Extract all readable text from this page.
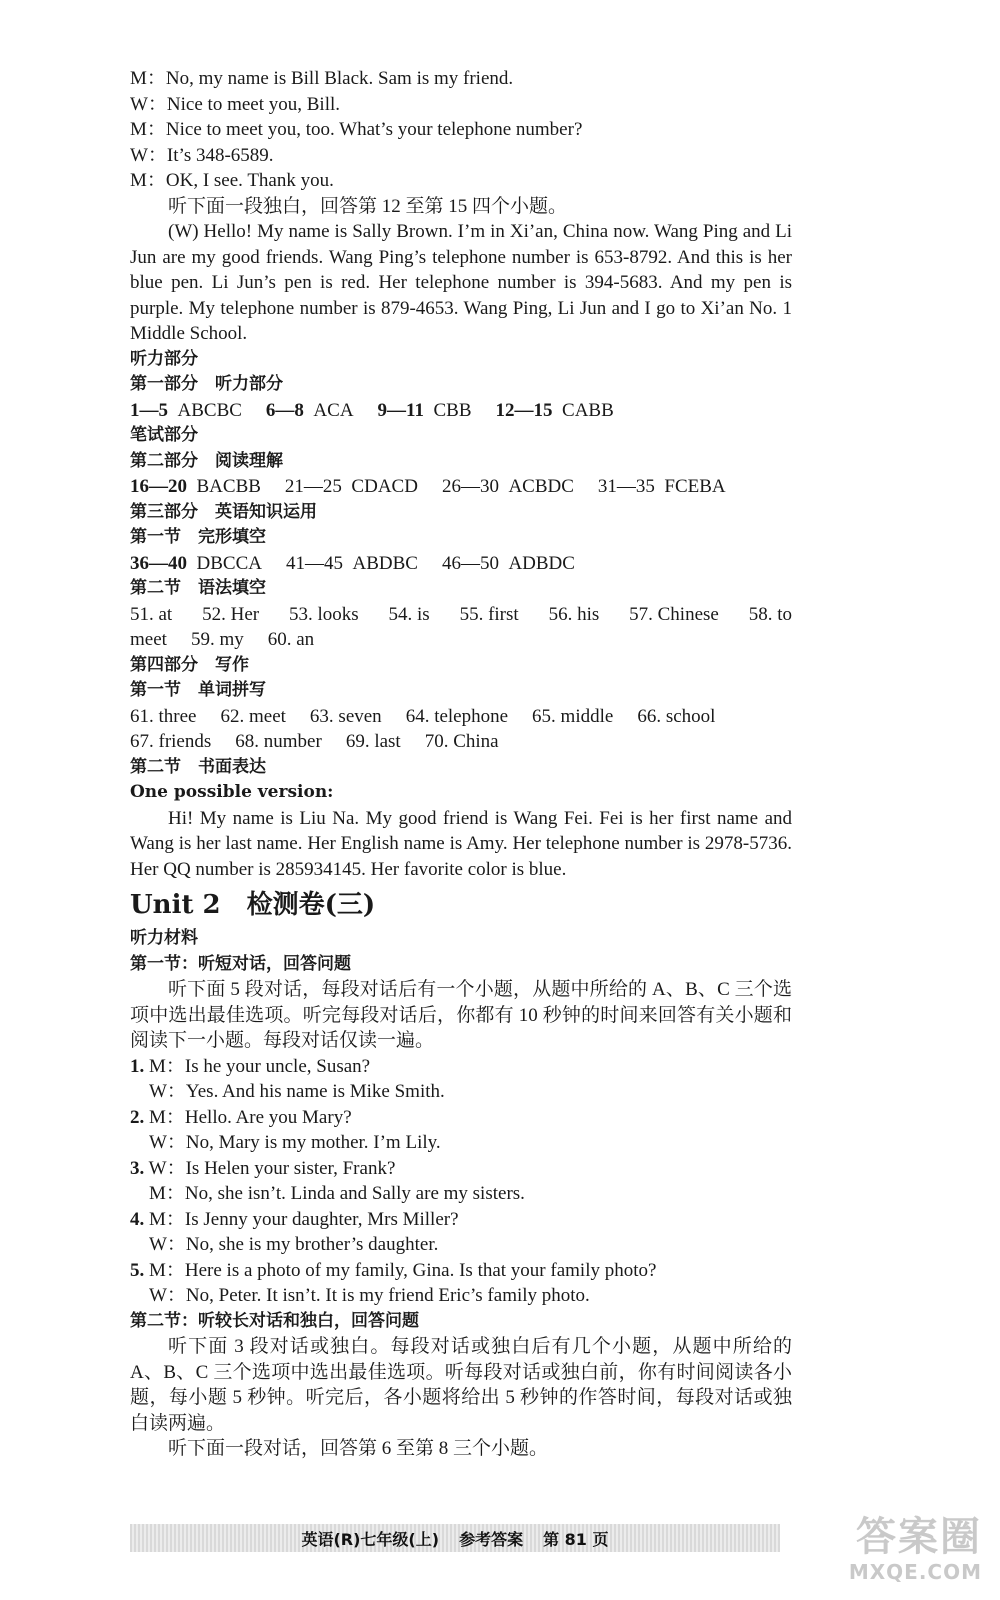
M：No, my name is Bill Black. Sam is my friend.
W：Nice to meet you, Bill.
M：Nice to meet you, too. What’s your telephone number?
W：It’s 348-6589.
M：OK, I see. Thank you.
听下面一段独白，回答第 12 至第 15 四个小题。
(W) Hello! My name is Sally Brown. I’m in Xi’an, China now. Wang Ping and Li Jun are my good friends. Wang Ping’s telephone number is 653-8792. And this is her blue pen. Li Jun’s pen is red. Her telephone number is 394-5683. And my pen is purple. My telephone number is 879-4653. Wang Ping, Li Jun and I go to Xi’an No. 1 Middle School.
听力部分
第一部分　听力部分
1—5 ABCBC 6—8 ACA 9—11 CBB 12—15 CABB
笔试部分
第二部分　阅读理解
16—20 BACBB 21—25 CDACD 26—30 ACBDC 31—35 FCEBA
第三部分　英语知识运用
第一节　完形填空
36—40 DBCCA 41—45 ABDBC 46—50 ADBDC
第二节　语法填空
51. at 52. Her 53. looks 54. is 55. first 56. his 57. Chinese 58. to
meet 59. my 60. an
第四部分　写作
第一节　单词拼写
61. three 62. meet 63. seven 64. telephone 65. middle 66. school
67. friends 68. number 69. last 70. China
第二节　书面表达
One possible version:
Hi! My name is Liu Na. My good friend is Wang Fei. Fei is her first name and Wang is her last name. Her English name is Amy. Her telephone number is 2978-5736. Her QQ number is 285934145. Her favorite color is blue.
Unit 2　检测卷(三)
听力材料
第一节：听短对话，回答问题
听下面 5 段对话，每段对话后有一个小题，从题中所给的 A、B、C 三个选项中选出最佳选项。听完每段对话后，你都有 10 秒钟的时间来回答有关小题和阅读下一小题。每段对话仅读一遍。
1. M：Is he your uncle, Susan?
W：Yes. And his name is Mike Smith.
2. M：Hello. Are you Mary?
W：No, Mary is my mother. I’m Lily.
3. W：Is Helen your sister, Frank?
M：No, she isn’t. Linda and Sally are my sisters.
4. M：Is Jenny your daughter, Mrs Miller?
W：No, she is my brother’s daughter.
5. M：Here is a photo of my family, Gina. Is that your family photo?
W：No, Peter. It isn’t. It is my friend Eric’s family photo.
第二节：听较长对话和独白，回答问题
听下面 3 段对话或独白。每段对话或独白后有几个小题，从题中所给的 A、B、C 三个选项中选出最佳选项。听每段对话或独白前，你有时间阅读各小题，每小题 5 秒钟。听完后，各小题将给出 5 秒钟的作答时间，每段对话或独白读两遍。
听下面一段对话，回答第 6 至第 8 三个小题。
英语(R)七年级(上) 参考答案 第 81 页	答案圈
MXQE.COM
